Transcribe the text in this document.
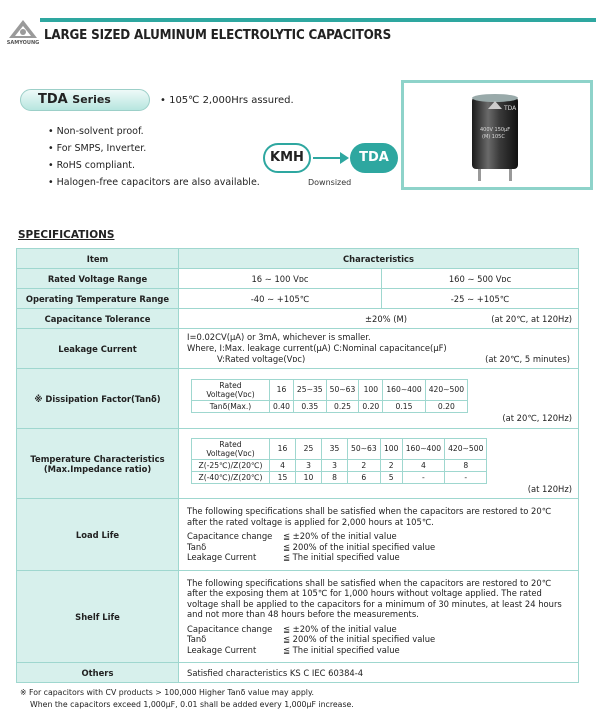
SAMYOUNG LARGE SIZED ALUMINUM ELECTROLYTIC CAPACITORS
TDA Series	• 105℃ 2,000Hrs assured.
• Non-solvent proof.
• For SMPS, Inverter.
• RoHS compliant.
• Halogen-free capacitors are also available.
KMH	TDA
Downsized
TDA
400V 150µF
(M) 105C
SPECIFICATIONS
Item	Characteristics
Rated Voltage Range	16 ∼ 100 Vᴅᴄ	160 ∼ 500 Vᴅᴄ
Operating Temperature Range	-40 ∼ +105℃	-25 ∼ +105℃
Capacitance Tolerance	±20% (M)	(at 20℃, at 120Hz)

Leakage Current	
I=0.02CV(µA) or 3mA, whichever is smaller.
Where, I:Max. leakage current(µA) C:Nominal capacitance(µF)
V:Rated voltage(Vᴅᴄ)	(at 20℃, 5 minutes)

※ Dissipation Factor(Tanδ)	
Rated Voltage(Vᴅᴄ)	16	25∼35	50∼63	100	160∼400	420∼500
Tanδ(Max.)	0.40	0.35	0.25	0.20	0.15	0.20
(at 20℃, 120Hz)

Temperature Characteristics
(Max.Impedance ratio)

Rated Voltage(Vᴅᴄ)	16	25	35	50∼63	100	160∼400	420∼500
Z(-25℃)/Z(20℃)	4	3	3	2	2	4	8
Z(-40℃)/Z(20℃)	15	10	8	6	5	-	-
(at 120Hz)

Load Life	
The following specifications shall be satisfied when the capacitors are restored to 20℃ after the rated voltage is applied for 2,000 hours at 105℃.
Capacitance change	≦ ±20% of the initial value
Tanδ	≦ 200% of the initial specified value
Leakage Current	≦ The initial specified value

Shelf Life	
The following specifications shall be satisfied when the capacitors are restored to 20℃ after the exposing them at 105℃ for 1,000 hours without voltage applied. The rated voltage shall be applied to the capacitors for a minimum of 30 minutes, at least 24 hours and not more than 48 hours before the measurements.
Capacitance change	≦ ±20% of the initial value
Tanδ	≦ 200% of the initial specified value
Leakage Current	≦ The initial specified value

Others	Satisfied characteristics KS C IEC 60384-4
※ For capacitors with CV products > 100,000 Higher Tanδ value may apply.
When the capacitors exceed 1,000µF, 0.01 shall be added every 1,000µF increase.
